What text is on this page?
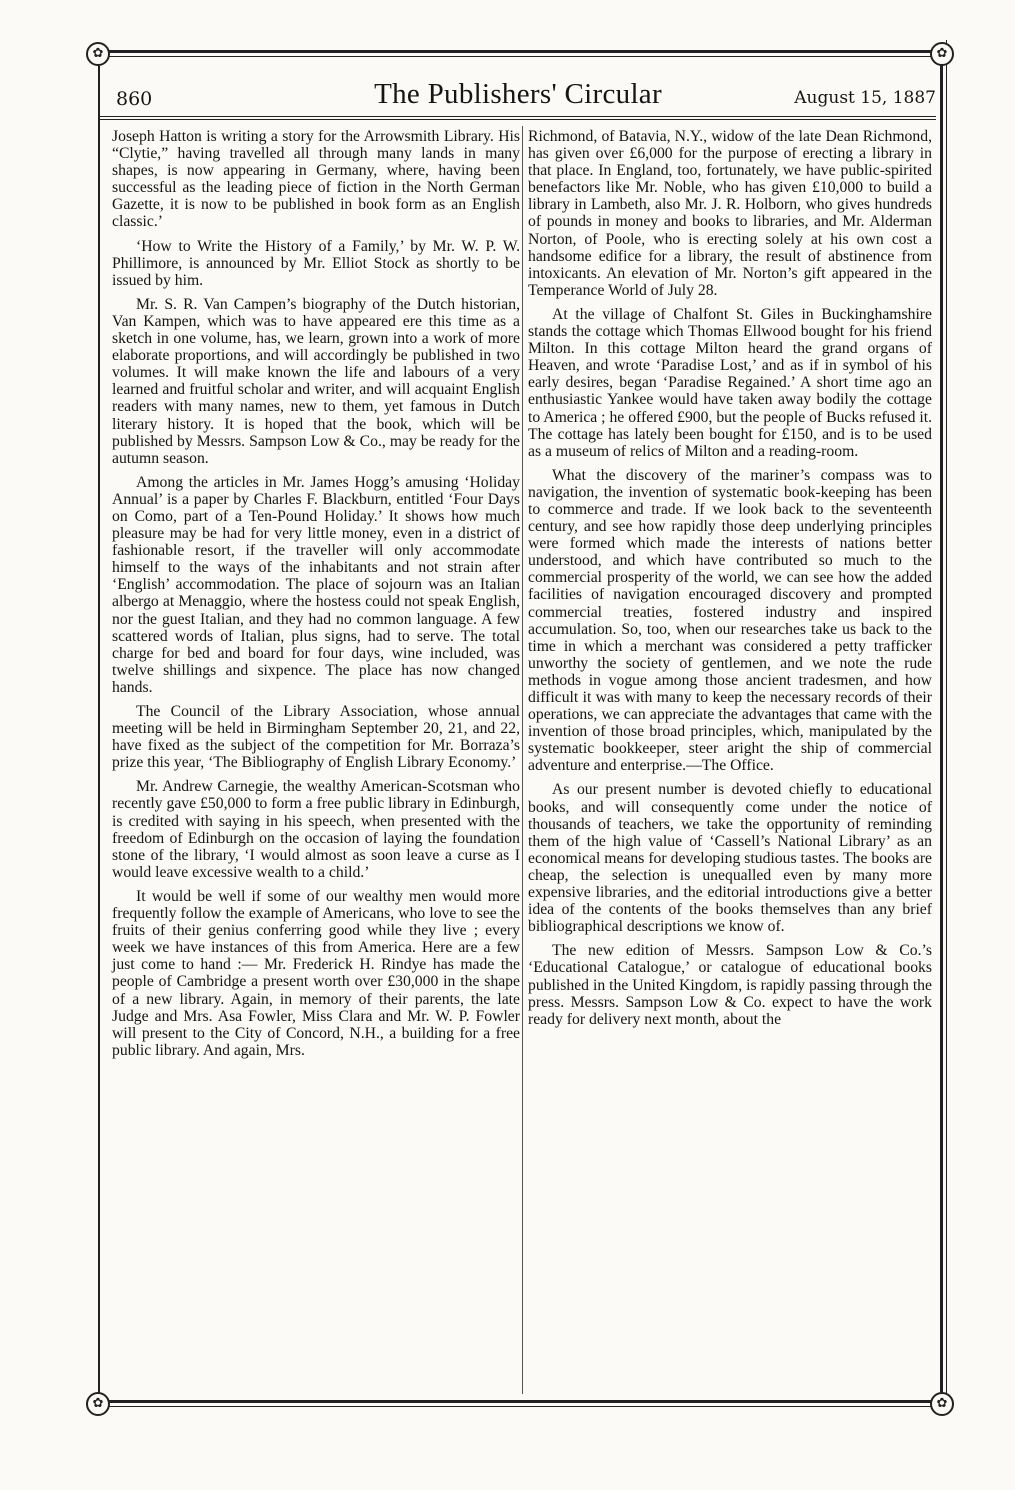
✿	✿
✿	✿
860	The Publishers' Circular	August 15, 1887

Joseph Hatton is writing a story for the Arrowsmith Library. His “Clytie,” having travelled all through many lands in many shapes, is now appearing in Germany, where, having been successful as the leading piece of fiction in the North German Gazette, it is now to be published in book form as an English classic.’

‘How to Write the History of a Family,’ by Mr. W. P. W. Phillimore, is announced by Mr. Elliot Stock as shortly to be issued by him.

Mr. S. R. Van Campen’s biography of the Dutch historian, Van Kampen, which was to have appeared ere this time as a sketch in one volume, has, we learn, grown into a work of more elaborate proportions, and will accordingly be published in two volumes. It will make known the life and labours of a very learned and fruitful scholar and writer, and will acquaint English readers with many names, new to them, yet famous in Dutch literary history. It is hoped that the book, which will be published by Messrs. Sampson Low & Co., may be ready for the autumn season.

Among the articles in Mr. James Hogg’s amusing ‘Holiday Annual’ is a paper by Charles F. Blackburn, entitled ‘Four Days on Como, part of a Ten-Pound Holiday.’ It shows how much pleasure may be had for very little money, even in a district of fashionable resort, if the traveller will only accommodate himself to the ways of the inhabitants and not strain after ‘English’ accommodation. The place of sojourn was an Italian albergo at Menaggio, where the hostess could not speak English, nor the guest Italian, and they had no common language. A few scattered words of Italian, plus signs, had to serve. The total charge for bed and board for four days, wine included, was twelve shillings and sixpence. The place has now changed hands.

The Council of the Library Association, whose annual meeting will be held in Birmingham September 20, 21, and 22, have fixed as the subject of the competition for Mr. Borraza’s prize this year, ‘The Bibliography of English Library Economy.’

Mr. Andrew Carnegie, the wealthy American-Scotsman who recently gave £50,000 to form a free public library in Edinburgh, is credited with saying in his speech, when presented with the freedom of Edinburgh on the occasion of laying the foundation stone of the library, ‘I would almost as soon leave a curse as I would leave excessive wealth to a child.’

It would be well if some of our wealthy men would more frequently follow the example of Americans, who love to see the fruits of their genius conferring good while they live ; every week we have instances of this from America. Here are a few just come to hand :— Mr. Frederick H. Rindye has made the people of Cambridge a present worth over £30,000 in the shape of a new library. Again, in memory of their parents, the late Judge and Mrs. Asa Fowler, Miss Clara and Mr. W. P. Fowler will present to the City of Concord, N.H., a building for a free public library. And again, Mrs.

Richmond, of Batavia, N.Y., widow of the late Dean Richmond, has given over £6,000 for the purpose of erecting a library in that place. In England, too, fortunately, we have public-spirited benefactors like Mr. Noble, who has given £10,000 to build a library in Lambeth, also Mr. J. R. Holborn, who gives hundreds of pounds in money and books to libraries, and Mr. Alderman Norton, of Poole, who is erecting solely at his own cost a handsome edifice for a library, the result of abstinence from intoxicants. An elevation of Mr. Norton’s gift appeared in the Temperance World of July 28.

At the village of Chalfont St. Giles in Buckinghamshire stands the cottage which Thomas Ellwood bought for his friend Milton. In this cottage Milton heard the grand organs of Heaven, and wrote ‘Paradise Lost,’ and as if in symbol of his early desires, began ‘Paradise Regained.’ A short time ago an enthusiastic Yankee would have taken away bodily the cottage to America ; he offered £900, but the people of Bucks refused it. The cottage has lately been bought for £150, and is to be used as a museum of relics of Milton and a reading-room.

What the discovery of the mariner’s compass was to navigation, the invention of systematic book-keeping has been to commerce and trade. If we look back to the seventeenth century, and see how rapidly those deep underlying principles were formed which made the interests of nations better understood, and which have contributed so much to the commercial prosperity of the world, we can see how the added facilities of navigation encouraged discovery and prompted commercial treaties, fostered industry and inspired accumulation. So, too, when our researches take us back to the time in which a merchant was considered a petty trafficker unworthy the society of gentlemen, and we note the rude methods in vogue among those ancient tradesmen, and how difficult it was with many to keep the necessary records of their operations, we can appreciate the advantages that came with the invention of those broad principles, which, manipulated by the systematic bookkeeper, steer aright the ship of commercial adventure and enterprise.—The Office.

As our present number is devoted chiefly to educational books, and will consequently come under the notice of thousands of teachers, we take the opportunity of reminding them of the high value of ‘Cassell’s National Library’ as an economical means for developing studious tastes. The books are cheap, the selection is unequalled even by many more expensive libraries, and the editorial introductions give a better idea of the contents of the books themselves than any brief bibliographical descriptions we know of.

The new edition of Messrs. Sampson Low & Co.’s ‘Educational Catalogue,’ or catalogue of educational books published in the United Kingdom, is rapidly passing through the press. Messrs. Sampson Low & Co. expect to have the work ready for delivery next month, about the
